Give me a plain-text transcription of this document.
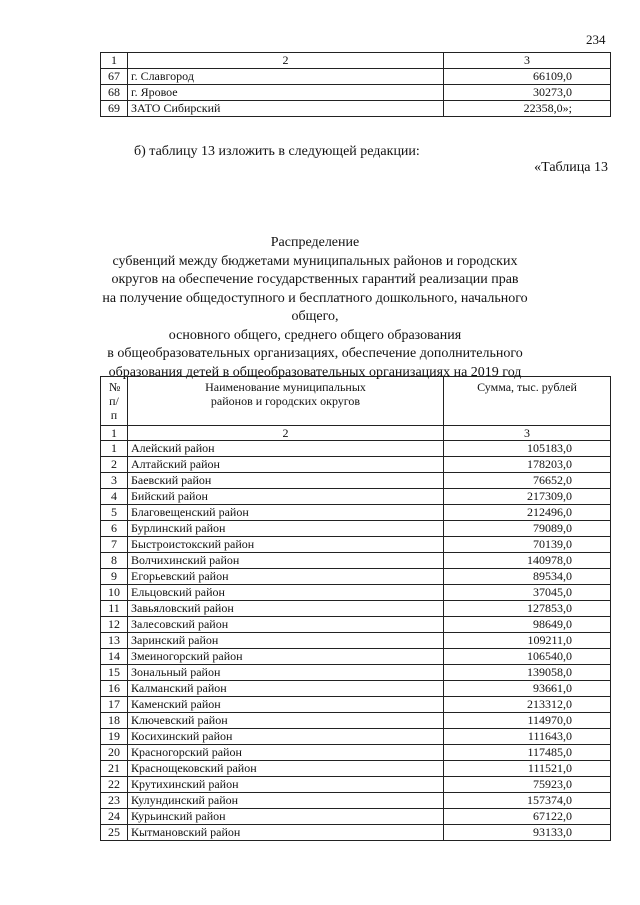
234
1	2	3
67	г. Славгород	66109,0
68	г. Яровое	30273,0
69	ЗАТО Сибирский	22358,0»;
б) таблицу 13 изложить в следующей редакции:
«Таблица 13
Распределение
субвенций между бюджетами муниципальных районов и городских
округов на обеспечение государственных гарантий реализации прав
на получение общедоступного и бесплатного дошкольного, начального общего,
основного общего, среднего общего образования
в общеобразовательных организациях, обеспечение дополнительного
образования детей в общеобразовательных организациях на 2019 год
№ п/п	Наименование муниципальных районов и городских округов	Сумма, тыс. рублей
1	2	3
1	Алейский район	105183,0
2	Алтайский район	178203,0
3	Баевский район	76652,0
4	Бийский район	217309,0
5	Благовещенский район	212496,0
6	Бурлинский район	79089,0
7	Быстроистокский район	70139,0
8	Волчихинский район	140978,0
9	Егорьевский район	89534,0
10	Ельцовский район	37045,0
11	Завьяловский район	127853,0
12	Залесовский район	98649,0
13	Заринский район	109211,0
14	Змеиногорский район	106540,0
15	Зональный район	139058,0
16	Калманский район	93661,0
17	Каменский район	213312,0
18	Ключевский район	114970,0
19	Косихинский район	111643,0
20	Красногорский район	117485,0
21	Краснощековский район	111521,0
22	Крутихинский район	75923,0
23	Кулундинский район	157374,0
24	Курьинский район	67122,0
25	Кытмановский район	93133,0
